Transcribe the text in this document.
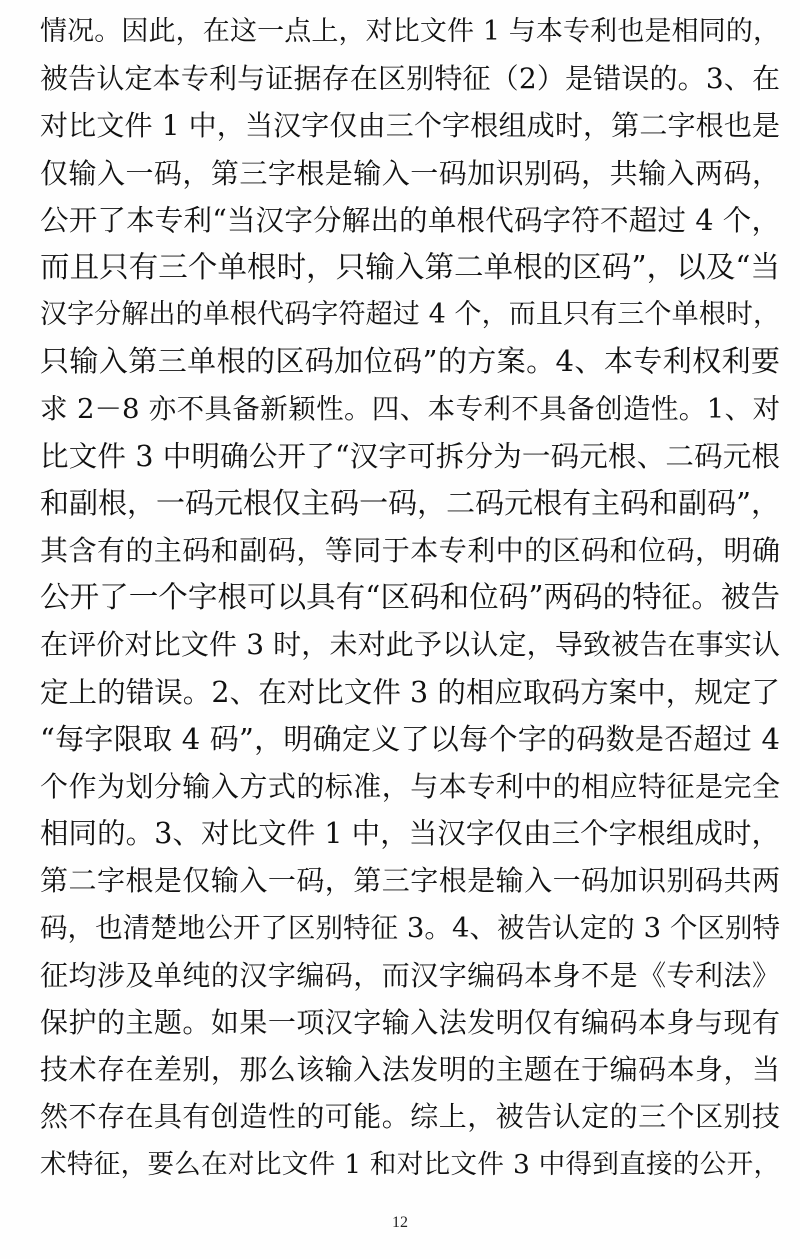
情况。因此，在这一点上，对比文件 1 与本专利也是相同的，
被告认定本专利与证据存在区别特征（2）是错误的。3、在
对比文件 1 中，当汉字仅由三个字根组成时，第二字根也是
仅输入一码，第三字根是输入一码加识别码，共输入两码，
公开了本专利“当汉字分解出的单根代码字符不超过 4 个，
而且只有三个单根时，只输入第二单根的区码”，以及“当
汉字分解出的单根代码字符超过 4 个，而且只有三个单根时，
只输入第三单根的区码加位码”的方案。4、本专利权利要
求 2－8 亦不具备新颖性。四、本专利不具备创造性。1、对
比文件 3 中明确公开了“汉字可拆分为一码元根、二码元根
和副根，一码元根仅主码一码，二码元根有主码和副码”，
其含有的主码和副码，等同于本专利中的区码和位码，明确
公开了一个字根可以具有“区码和位码”两码的特征。被告
在评价对比文件 3 时，未对此予以认定，导致被告在事实认
定上的错误。2、在对比文件 3 的相应取码方案中，规定了
“每字限取 4 码”，明确定义了以每个字的码数是否超过 4
个作为划分输入方式的标准，与本专利中的相应特征是完全
相同的。3、对比文件 1 中，当汉字仅由三个字根组成时，
第二字根是仅输入一码，第三字根是输入一码加识别码共两
码，也清楚地公开了区别特征 3。4、被告认定的 3 个区别特
征均涉及单纯的汉字编码，而汉字编码本身不是《专利法》
保护的主题。如果一项汉字输入法发明仅有编码本身与现有
技术存在差别，那么该输入法发明的主题在于编码本身，当
然不存在具有创造性的可能。综上，被告认定的三个区别技
术特征，要么在对比文件 1 和对比文件 3 中得到直接的公开，
12
